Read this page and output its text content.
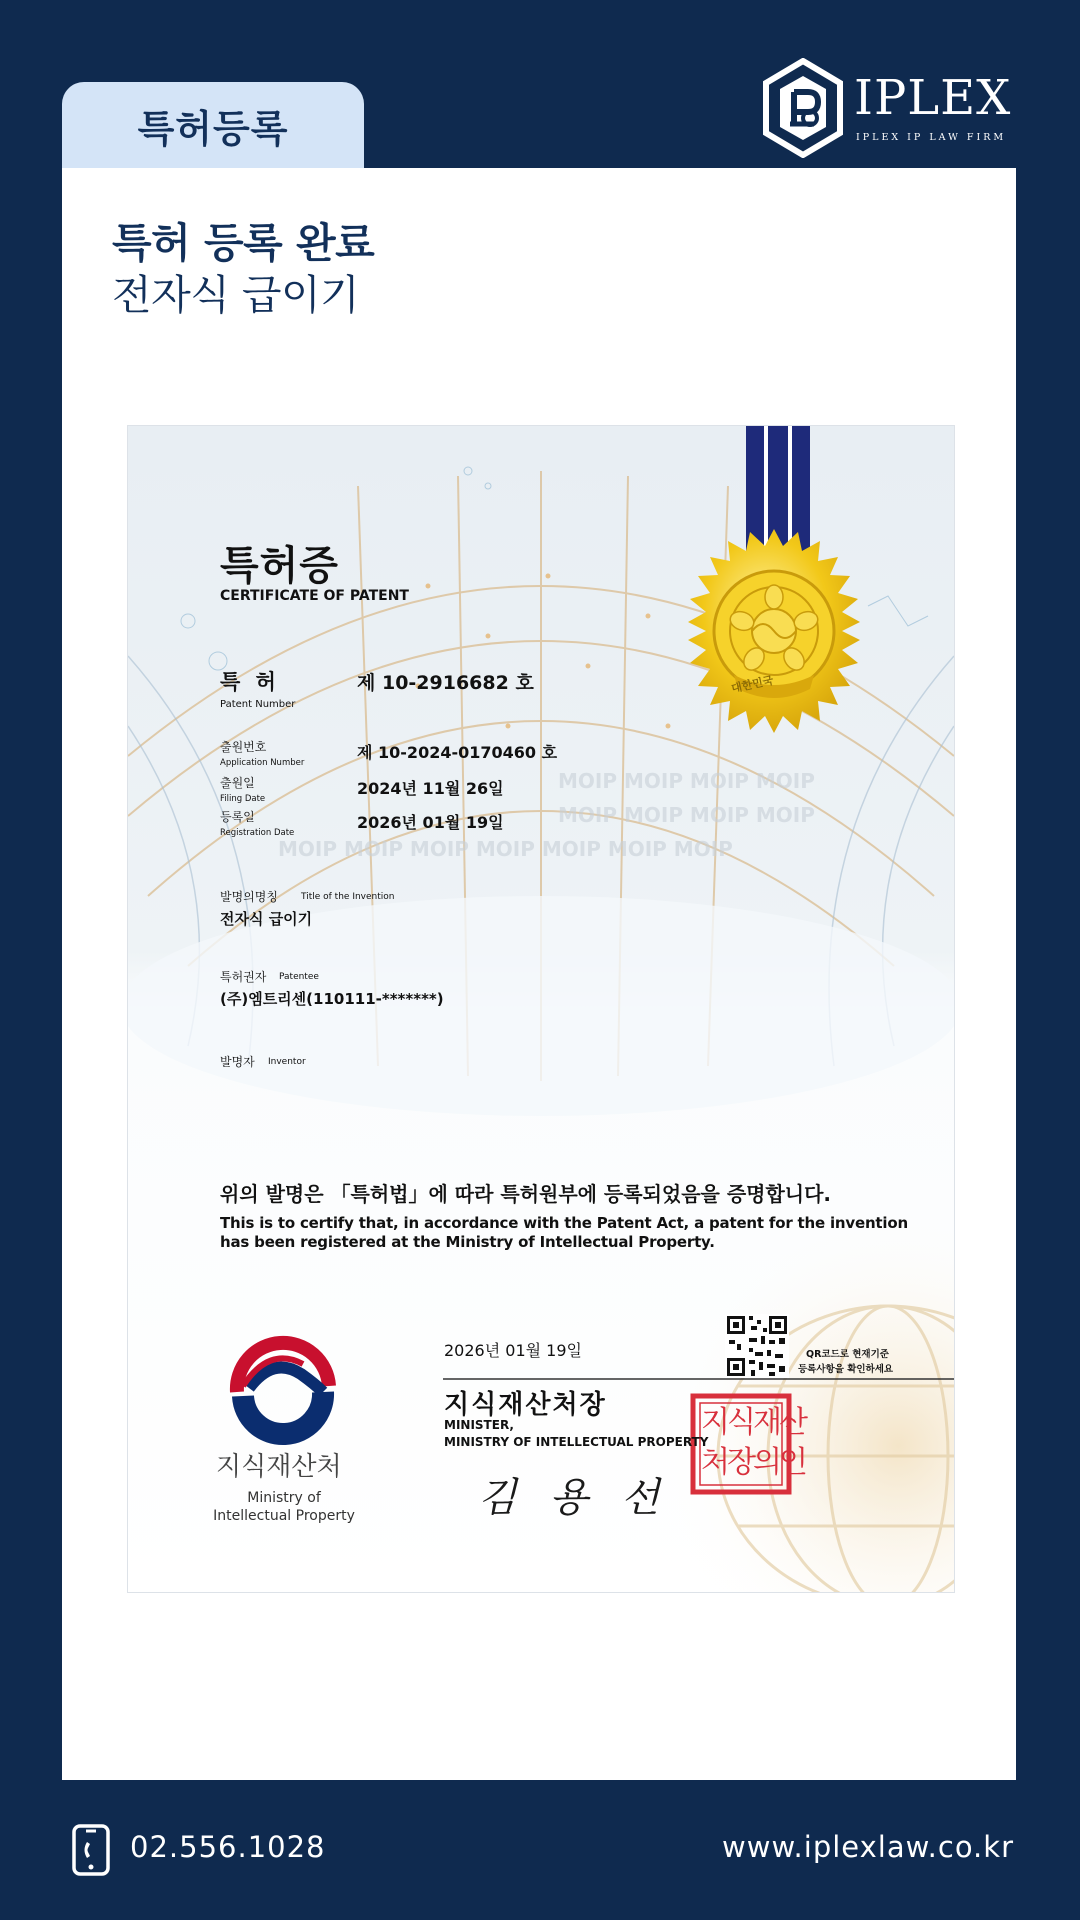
특허등록
IPLEX
IPLEX IP LAW FIRM
특허 등록 완료
전자식 급이기
MOIP MOIP MOIP MOIP
MOIP MOIP MOIP MOIP
MOIP MOIP MOIP MOIP MOIP MOIP MOIP
특허증
CERTIFICATE OF PATENT
특 허
Patent Number
제 10-2916682 호
출원번호
Application Number
제 10-2024-0170460 호
출원일
Filing Date
2024년 11월 26일
등록일
Registration Date
2026년 01월 19일
발명의명칭	Title of the Invention
전자식 급이기
특허권자 Patentee
(주)엠트리센(110111-*******)
발명자 Inventor
위의 발명은 「특허법」에 따라 특허원부에 등록되었음을 증명합니다.
This is to certify that, in accordance with the Patent Act, a patent for the invention
has been registered at the Ministry of Intellectual Property.
2026년 01월 19일	QR코드로 현재기준
등록사항을 확인하세요
지식재산처장
MINISTER,
MINISTRY OF INTELLECTUAL PROPERTY
김 용 선
지식재산
처장의인
지식재산처
Ministry of
Intellectual Property
대한민국
02.556.1028	www.iplexlaw.co.kr
